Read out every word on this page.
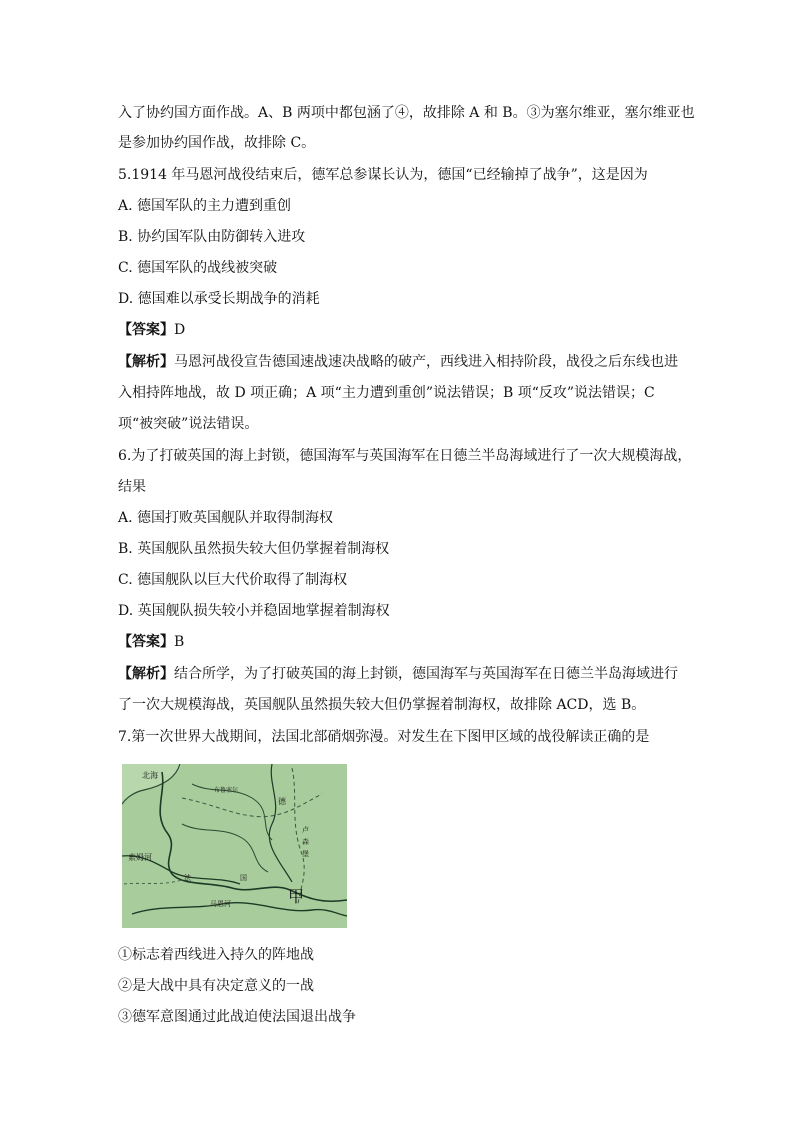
入了协约国方面作战。A、B 两项中都包涵了④，故排除 A 和 B。③为塞尔维亚，塞尔维亚也
是参加协约国作战，故排除 C。
5.1914 年马恩河战役结束后，德军总参谋长认为，德国“已经输掉了战争”，这是因为
A. 德国军队的主力遭到重创
B. 协约国军队由防御转入进攻
C. 德国军队的战线被突破
D. 德国难以承受长期战争的消耗
【答案】D
【解析】马恩河战役宣告德国速战速决战略的破产，西线进入相持阶段，战役之后东线也进
入相持阵地战，故 D 项正确；A 项“主力遭到重创”说法错误；B 项“反攻”说法错误；C
项“被突破”说法错误。
6.为了打破英国的海上封锁，德国海军与英国海军在日德兰半岛海域进行了一次大规模海战，
结果
A. 德国打败英国舰队并取得制海权
B. 英国舰队虽然损失较大但仍掌握着制海权
C. 德国舰队以巨大代价取得了制海权
D. 英国舰队损失较小并稳固地掌握着制海权
【答案】B
【解析】结合所学，为了打破英国的海上封锁，德国海军与英国海军在日德兰半岛海域进行
了一次大规模海战，英国舰队虽然损失较大但仍掌握着制海权，故排除 ACD，选 B。
7.第一次世界大战期间，法国北部硝烟弥漫。对发生在下图甲区域的战役解读正确的是
北海
布鲁塞尔
索姆河
法	国
马恩河	甲
卢
森
堡
德
①标志着西线进入持久的阵地战
②是大战中具有决定意义的一战
③德军意图通过此战迫使法国退出战争
